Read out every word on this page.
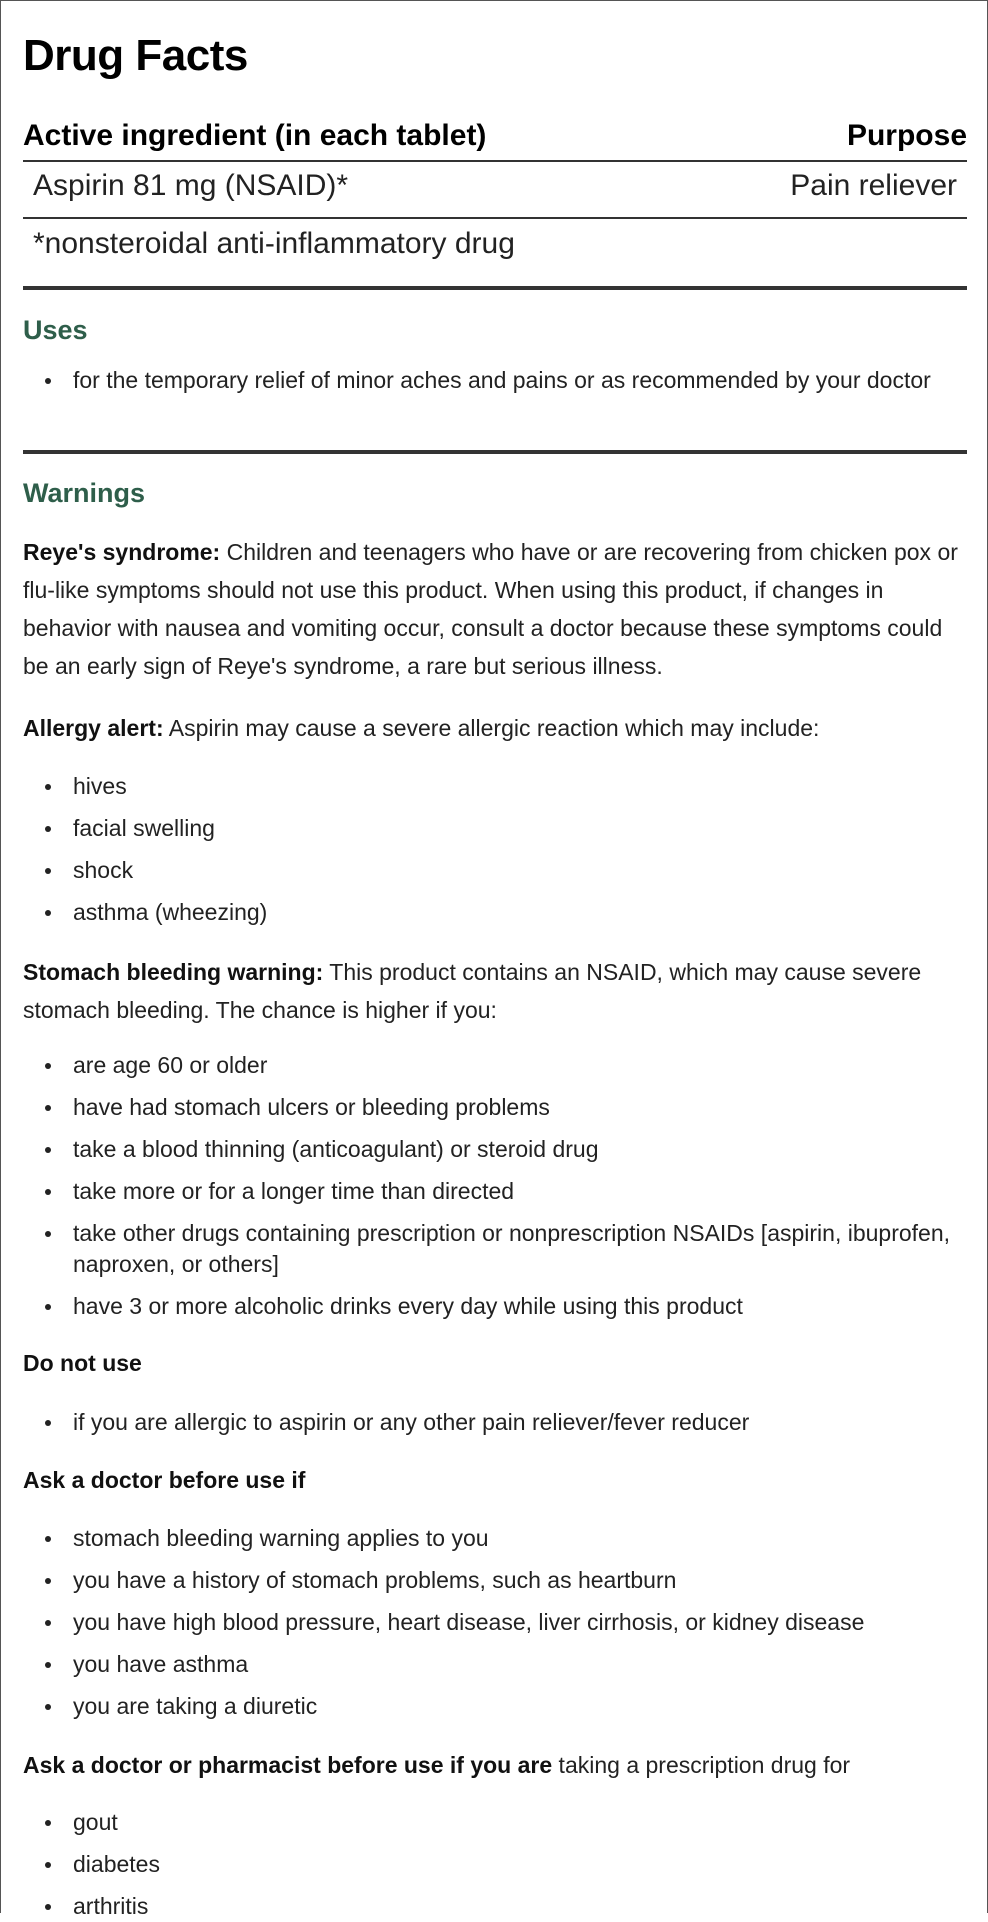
Drug Facts
Active ingredient (in each tablet)	Purpose
Aspirin 81 mg (NSAID)*	Pain reliever
*nonsteroidal anti-inflammatory drug
Uses
for the temporary relief of minor aches and pains or as recommended by your doctor
Warnings
Reye's syndrome: Children and teenagers who have or are recovering from chicken pox or flu-like symptoms should not use this product. When using this product, if changes in behavior with nausea and vomiting occur, consult a doctor because these symptoms could be an early sign of Reye's syndrome, a rare but serious illness.
Allergy alert: Aspirin may cause a severe allergic reaction which may include:
hives
facial swelling
shock
asthma (wheezing)
Stomach bleeding warning: This product contains an NSAID, which may cause severe stomach bleeding. The chance is higher if you:
are age 60 or older
have had stomach ulcers or bleeding problems
take a blood thinning (anticoagulant) or steroid drug
take more or for a longer time than directed
take other drugs containing prescription or nonprescription NSAIDs [aspirin, ibuprofen, naproxen, or others]
have 3 or more alcoholic drinks every day while using this product
Do not use
if you are allergic to aspirin or any other pain reliever/fever reducer
Ask a doctor before use if
stomach bleeding warning applies to you
you have a history of stomach problems, such as heartburn
you have high blood pressure, heart disease, liver cirrhosis, or kidney disease
you have asthma
you are taking a diuretic
Ask a doctor or pharmacist before use if you are taking a prescription drug for
gout
diabetes
arthritis
